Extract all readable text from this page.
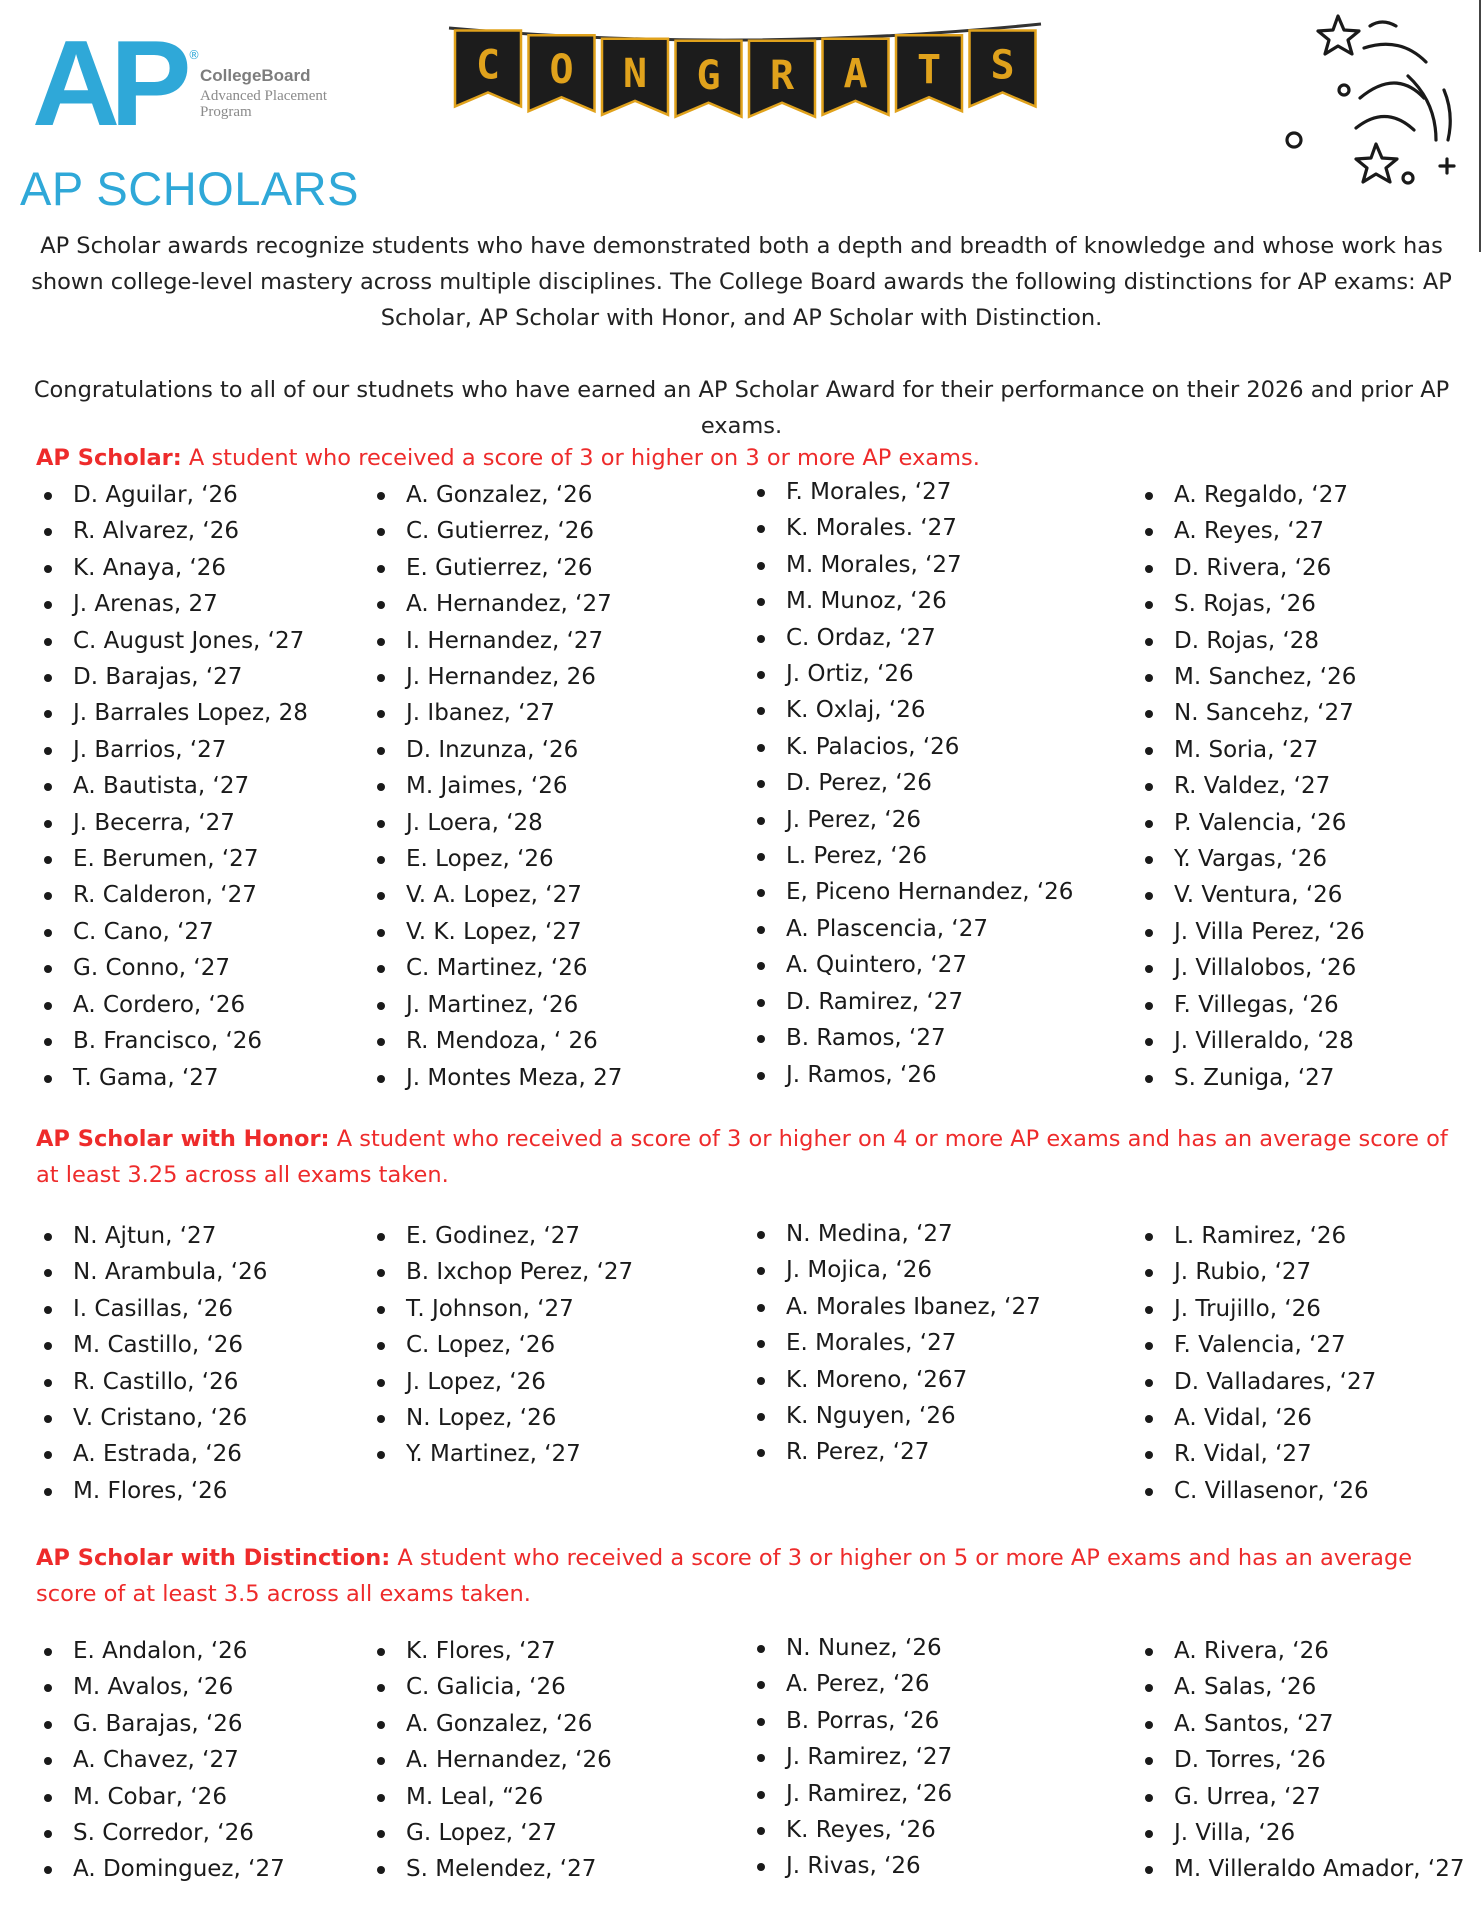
AP ®
CollegeBoard
Advanced Placement Program
AP SCHOLARS
C O N G R A T S
AP Scholar awards recognize students who have demonstrated both a depth and breadth of knowledge and whose work has shown college-level mastery across multiple disciplines. The College Board awards the following distinctions for AP exams: AP Scholar, AP Scholar with Honor, and AP Scholar with Distinction.
Congratulations to all of our studnets who have earned an AP Scholar Award for their performance on their 2026 and prior AP exams.
AP Scholar: A student who received a score of 3 or higher on 3 or more AP exams.
D. Aguilar, ‘26
R. Alvarez, ‘26
K. Anaya, ‘26
J. Arenas, 27
C. August Jones, ‘27
D. Barajas, ‘27
J. Barrales Lopez, 28
J. Barrios, ‘27
A. Bautista, ‘27
J. Becerra, ‘27
E. Berumen, ‘27
R. Calderon, ‘27
C. Cano, ‘27
G. Conno, ‘27
A. Cordero, ‘26
B. Francisco, ‘26
T. Gama, ‘27
A. Gonzalez, ‘26
C. Gutierrez, ‘26
E. Gutierrez, ‘26
A. Hernandez, ‘27
I. Hernandez, ‘27
J. Hernandez, 26
J. Ibanez, ‘27
D. Inzunza, ‘26
M. Jaimes, ‘26
J. Loera, ‘28
E. Lopez, ‘26
V. A. Lopez, ‘27
V. K. Lopez, ‘27
C. Martinez, ‘26
J. Martinez, ‘26
R. Mendoza, ‘ 26
J. Montes Meza, 27
F. Morales, ‘27
K. Morales. ‘27
M. Morales, ‘27
M. Munoz, ‘26
C. Ordaz, ‘27
J. Ortiz, ‘26
K. Oxlaj, ‘26
K. Palacios, ‘26
D. Perez, ‘26
J. Perez, ‘26
L. Perez, ‘26
E, Piceno Hernandez, ‘26
A. Plascencia, ‘27
A. Quintero, ‘27
D. Ramirez, ‘27
B. Ramos, ‘27
J. Ramos, ‘26
A. Regaldo, ‘27
A. Reyes, ‘27
D. Rivera, ‘26
S. Rojas, ‘26
D. Rojas, ‘28
M. Sanchez, ‘26
N. Sancehz, ‘27
M. Soria, ‘27
R. Valdez, ‘27
P. Valencia, ‘26
Y. Vargas, ‘26
V. Ventura, ‘26
J. Villa Perez, ‘26
J. Villalobos, ‘26
F. Villegas, ‘26
J. Villeraldo, ‘28
S. Zuniga, ‘27
AP Scholar with Honor: A student who received a score of 3 or higher on 4 or more AP exams and has an average score of at least 3.25 across all exams taken.
N. Ajtun, ‘27
N. Arambula, ‘26
I. Casillas, ‘26
M. Castillo, ‘26
R. Castillo, ‘26
V. Cristano, ‘26
A. Estrada, ‘26
M. Flores, ‘26
E. Godinez, ‘27
B. Ixchop Perez, ‘27
T. Johnson, ‘27
C. Lopez, ‘26
J. Lopez, ‘26
N. Lopez, ‘26
Y. Martinez, ‘27
N. Medina, ‘27
J. Mojica, ‘26
A. Morales Ibanez, ‘27
E. Morales, ‘27
K. Moreno, ‘267
K. Nguyen, ‘26
R. Perez, ‘27
L. Ramirez, ‘26
J. Rubio, ‘27
J. Trujillo, ‘26
F. Valencia, ‘27
D. Valladares, ‘27
A. Vidal, ‘26
R. Vidal, ‘27
C. Villasenor, ‘26
AP Scholar with Distinction: A student who received a score of 3 or higher on 5 or more AP exams and has an average score of at least 3.5 across all exams taken.
E. Andalon, ‘26
M. Avalos, ‘26
G. Barajas, ‘26
A. Chavez, ‘27
M. Cobar, ‘26
S. Corredor, ‘26
A. Dominguez, ‘27
K. Flores, ‘27
C. Galicia, ‘26
A. Gonzalez, ‘26
A. Hernandez, ‘26
M. Leal, “26
G. Lopez, ‘27
S. Melendez, ‘27
N. Nunez, ‘26
A. Perez, ‘26
B. Porras, ‘26
J. Ramirez, ‘27
J. Ramirez, ‘26
K. Reyes, ‘26
J. Rivas, ‘26
A. Rivera, ‘26
A. Salas, ‘26
A. Santos, ‘27
D. Torres, ‘26
G. Urrea, ‘27
J. Villa, ‘26
M. Villeraldo Amador, ‘27
